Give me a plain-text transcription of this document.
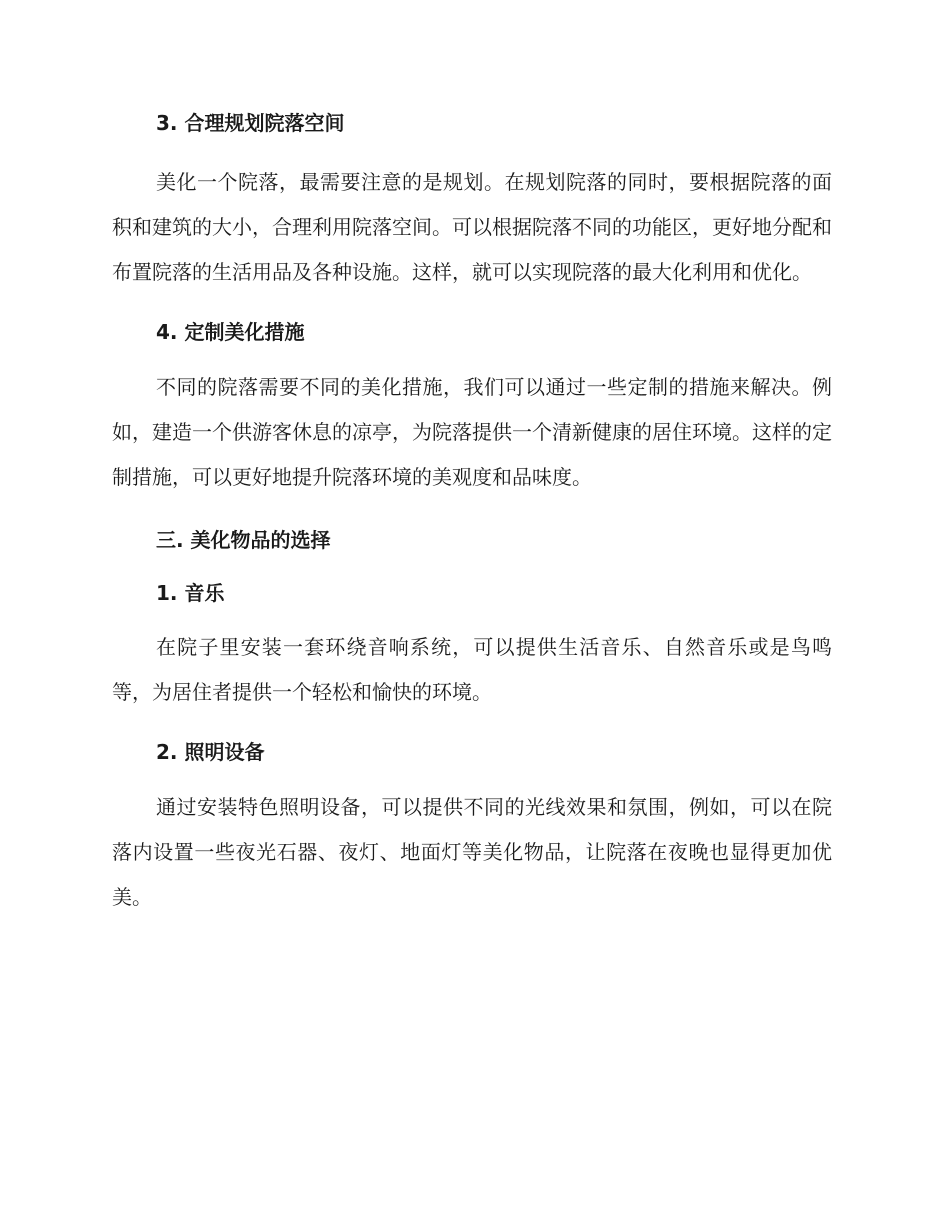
3. 合理规划院落空间

美化一个院落，最需要注意的是规划。在规划院落的同时，要根据院落的面积和建筑的大小，合理利用院落空间。可以根据院落不同的功能区，更好地分配和布置院落的生活用品及各种设施。这样，就可以实现院落的最大化利用和优化。

4. 定制美化措施

不同的院落需要不同的美化措施，我们可以通过一些定制的措施来解决。例如，建造一个供游客休息的凉亭，为院落提供一个清新健康的居住环境。这样的定制措施，可以更好地提升院落环境的美观度和品味度。

三. 美化物品的选择
1. 音乐

在院子里安装一套环绕音响系统，可以提供生活音乐、自然音乐或是鸟鸣等，为居住者提供一个轻松和愉快的环境。

2. 照明设备

通过安装特色照明设备，可以提供不同的光线效果和氛围，例如，可以在院落内设置一些夜光石器、夜灯、地面灯等美化物品，让院落在夜晚也显得更加优美。
